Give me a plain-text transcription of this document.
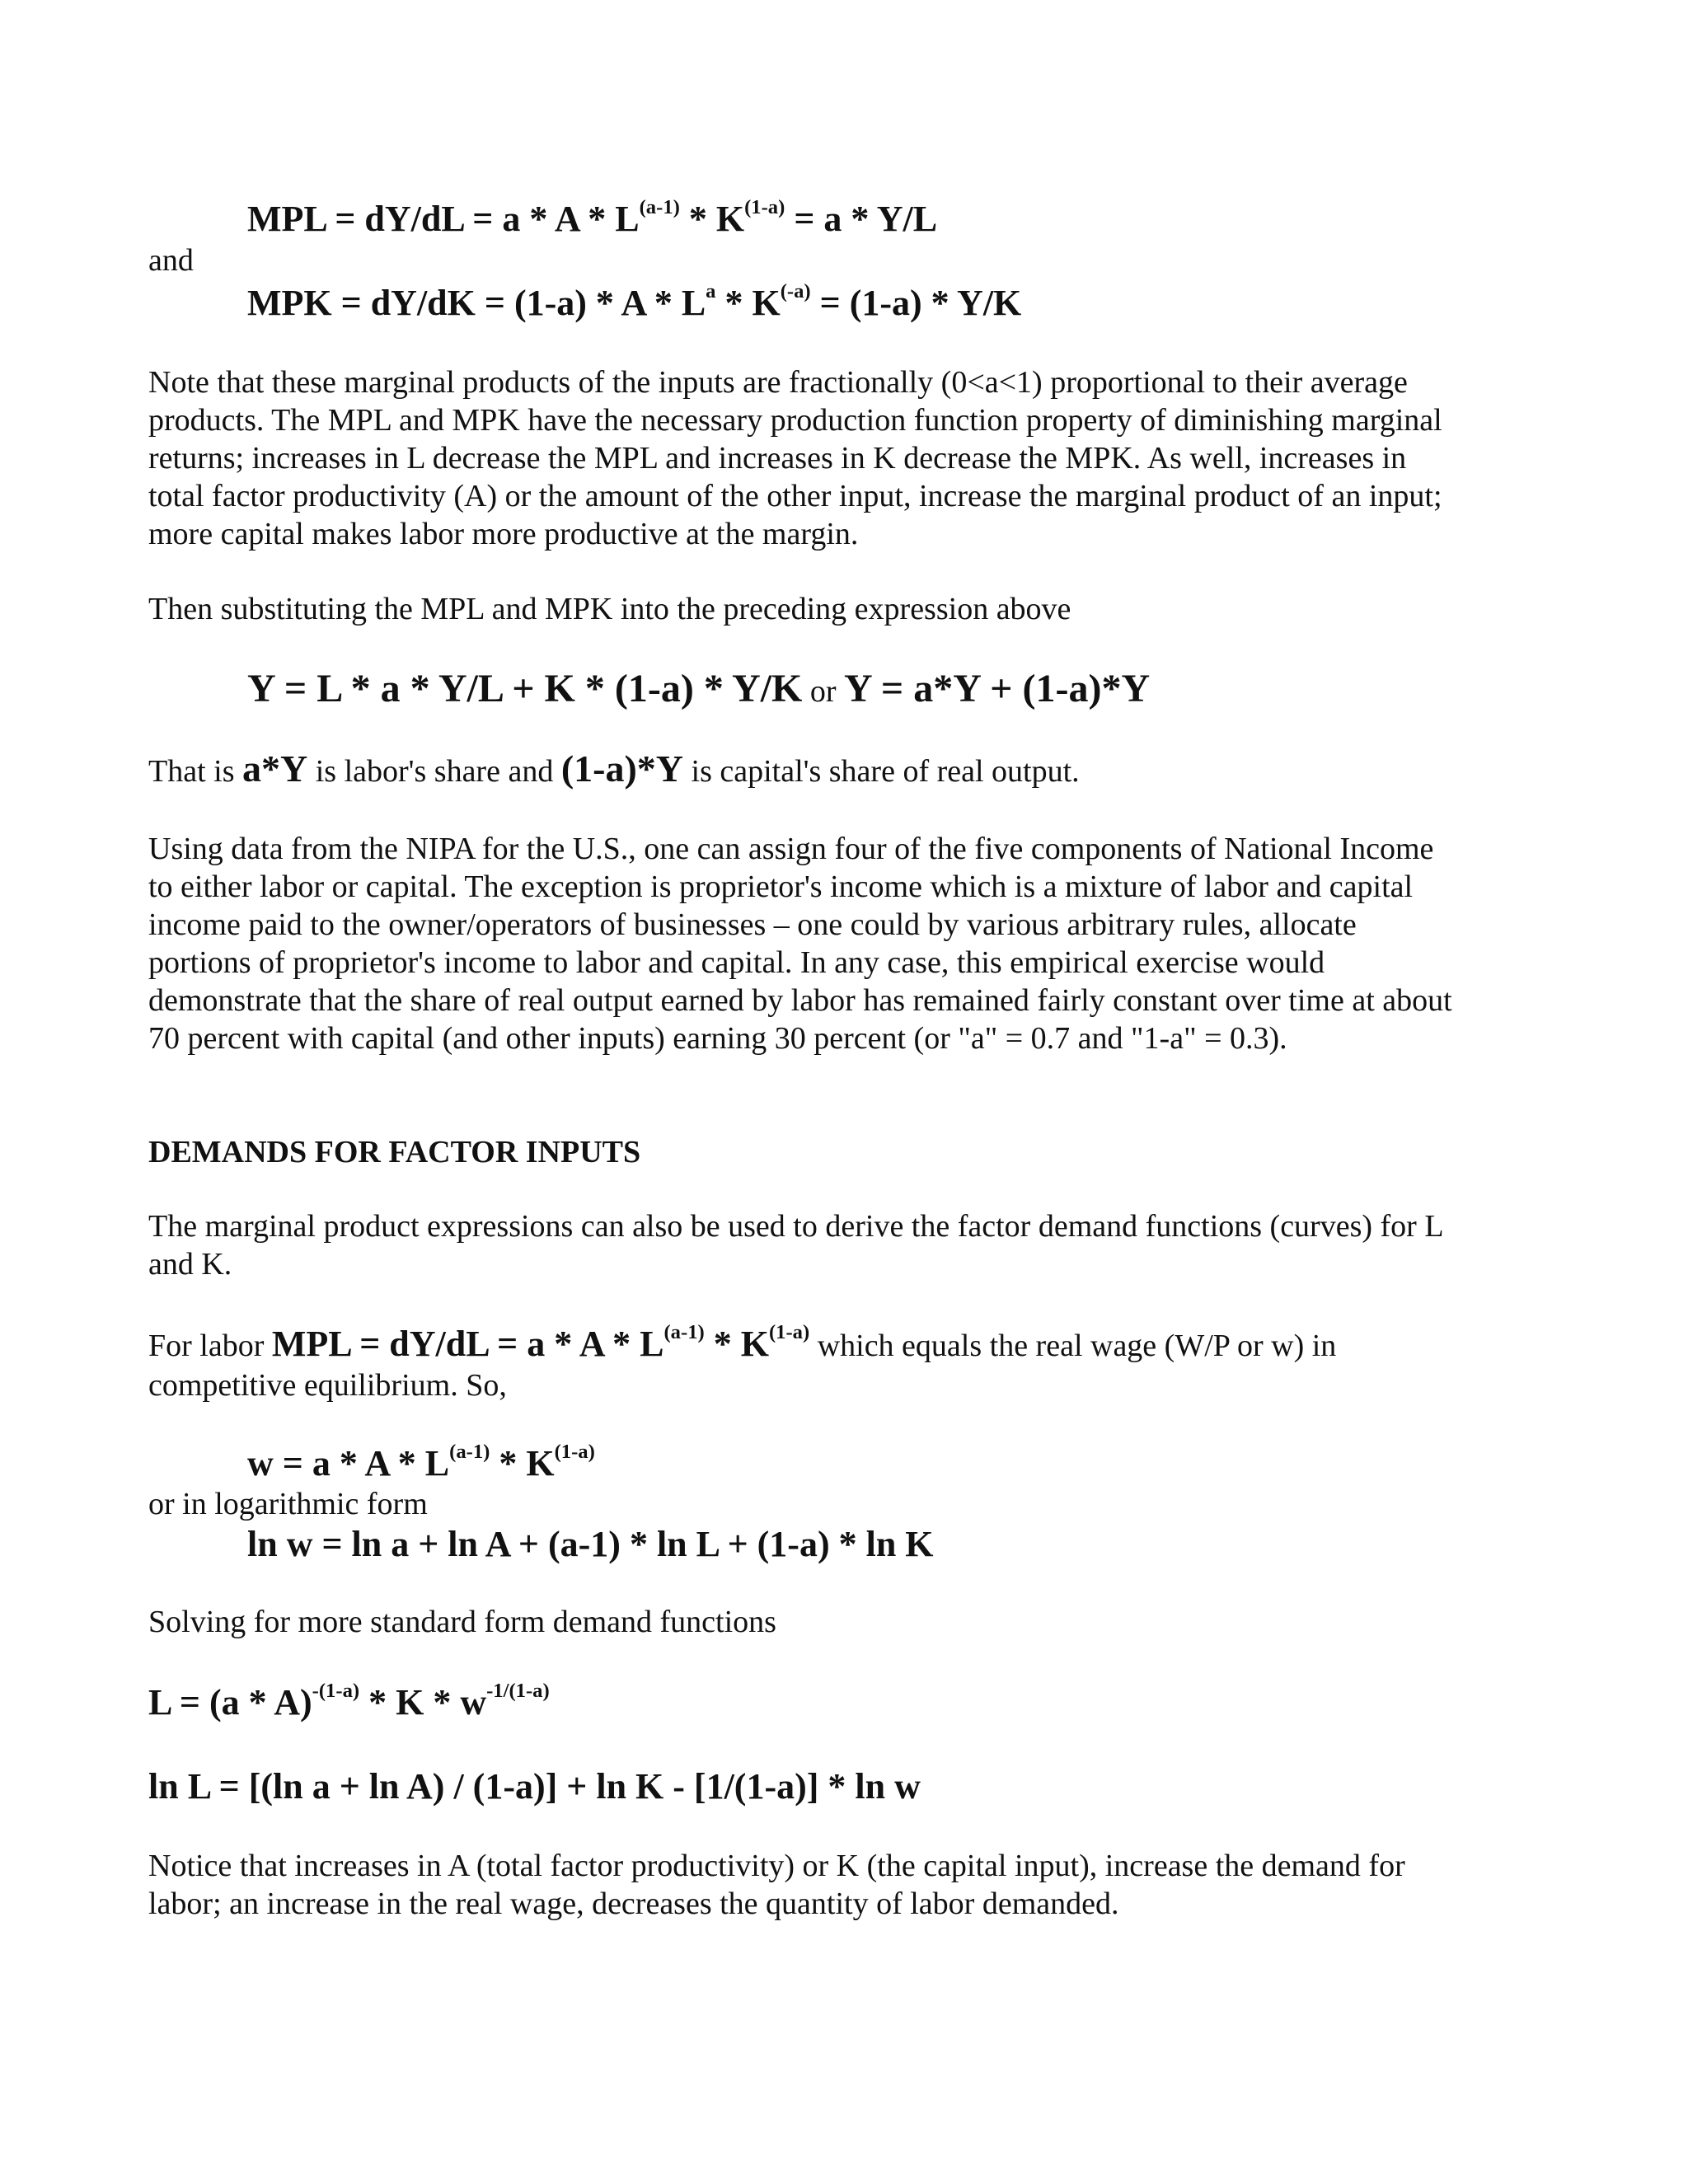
MPL = $dY/dL = a * A * L^{(a-1)} * K^{(1-a)} = a * Y/L$
and
MPK = $dY/dK = (1-a) * A * L^a * K^{(-a)} = (1-a) * Y/K$
Note that these marginal products of the inputs are fractionally (0<a<1) proportional to their average
products. The MPL and MPK have the necessary production function property of diminishing marginal
returns; increases in L decrease the MPL and increases in K decrease the MPK. As well, increases in
total factor productivity (A) or the amount of the other input, increase the marginal product of an input;
more capital makes labor more productive at the margin.
Then substituting the MPL and MPK into the preceding expression above
Y = L * a * Y/L + K * (1-a) * Y/K or Y = a*Y + (1-a)*Y
That is a*Y is labor's share and (1-a)*Y is capital's share of real output.
Using data from the NIPA for the U.S., one can assign four of the five components of National Income
to either labor or capital. The exception is proprietor's income which is a mixture of labor and capital
income paid to the owner/operators of businesses – one could by various arbitrary rules, allocate
portions of proprietor's income to labor and capital. In any case, this empirical exercise would
demonstrate that the share of real output earned by labor has remained fairly constant over time at about
70 percent with capital (and other inputs) earning 30 percent (or "a" = 0.7 and "1-a" = 0.3).
DEMANDS FOR FACTOR INPUTS
The marginal product expressions can also be used to derive the factor demand functions (curves) for L
and K.
For labor MPL = $dY/dL = a * A * L^{(a-1)} * K^{(1-a)}$ which equals the real wage (W/P or w) in
competitive equilibrium. So,
$w = a * A * L^{(a-1)} * K^{(1-a)}$
or in logarithmic form
ln w = ln a + ln A + (a-1) * ln L + (1-a) * ln K
Solving for more standard form demand functions
$L = (a * A)^{-(1-a)} * K * w^{-1/(1-a)}$
ln L = [(ln a + ln A) / (1-a)] + ln K - [1/(1-a)] * ln w
Notice that increases in A (total factor productivity) or K (the capital input), increase the demand for
labor; an increase in the real wage, decreases the quantity of labor demanded.
